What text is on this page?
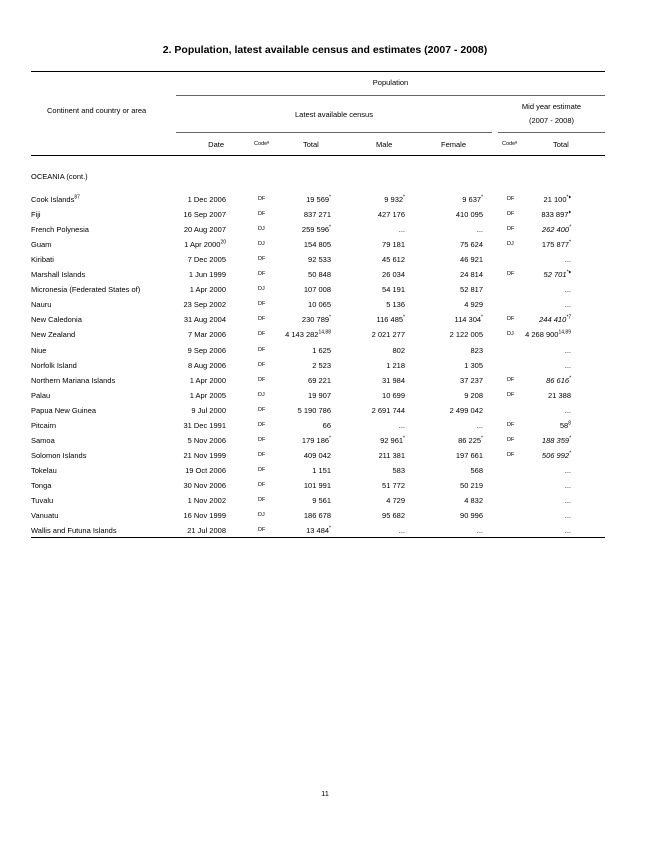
2. Population, latest available census and estimates (2007 - 2008)
Population
Continent and country or area	Latest available census
Mid year estimate
(2007 - 2008)
Date	Codeª	Total	Male	Female	Codeª	Total
OCEANIA (cont.)
Cook Islands$^{87}$	1 Dec 2006	DF	19 569*	9 932*	9 637*	DF	21 100*♦
Fiji	16 Sep 2007	DF	837 271	427 176	410 095	DF	833 897♦
French Polynesia	20 Aug 2007	DJ	259 596*	...	...	DF	262 400*
Guam	1 Apr 2000$^{20}$	DJ	154 805	79 181	75 624	DJ	175 877*
Kiribati	7 Dec 2005	DF	92 533	45 612	46 921	...
Marshall Islands	1 Jun 1999	DF	50 848	26 034	24 814	DF	52 701*♦
Micronesia (Federated States of)	1 Apr 2000	DJ	107 008	54 191	52 817	...
Nauru	23 Sep 2002	DF	10 065	5 136	4 929	...
New Caledonia	31 Aug 2004	DF	230 789*	116 485*	114 304*	DF	244 410$^{*7}$
New Zealand	7 Mar 2006	DF	4 143 282$^{14,88}$	2 021 277	2 122 005	DJ 4 268 900$^{14,89}$
Niue	9 Sep 2006	DF	1 625	802	823	...
Norfolk Island	8 Aug 2006	DF	2 523	1 218	1 305	...
Northern Mariana Islands	1 Apr 2000	DF	69 221	31 984	37 237	DF	86 616*
Palau	1 Apr 2005	DJ	19 907	10 699	9 208	DF	21 388
Papua New Guinea	9 Jul 2000	DF	5 190 786	2 691 744	2 499 042	...
Pitcairn	31 Dec 1991	DF	66	...	...	DF	$58^8$
Samoa	5 Nov 2006	DF	179 186*	92 961*	86 225*	DF	188 359*
Solomon Islands	21 Nov 1999	DF	409 042	211 381	197 661	DF	506 992*
Tokelau	19 Oct 2006	DF	1 151	583	568	...
Tonga	30 Nov 2006	DF	101 991	51 772	50 219	...
Tuvalu	1 Nov 2002	DF	9 561	4 729	4 832	...
Vanuatu	16 Nov 1999	DJ	186 678	95 682	90 996	...
Wallis and Futuna Islands	21 Jul 2008	DF	13 484*	...	...	...
11
